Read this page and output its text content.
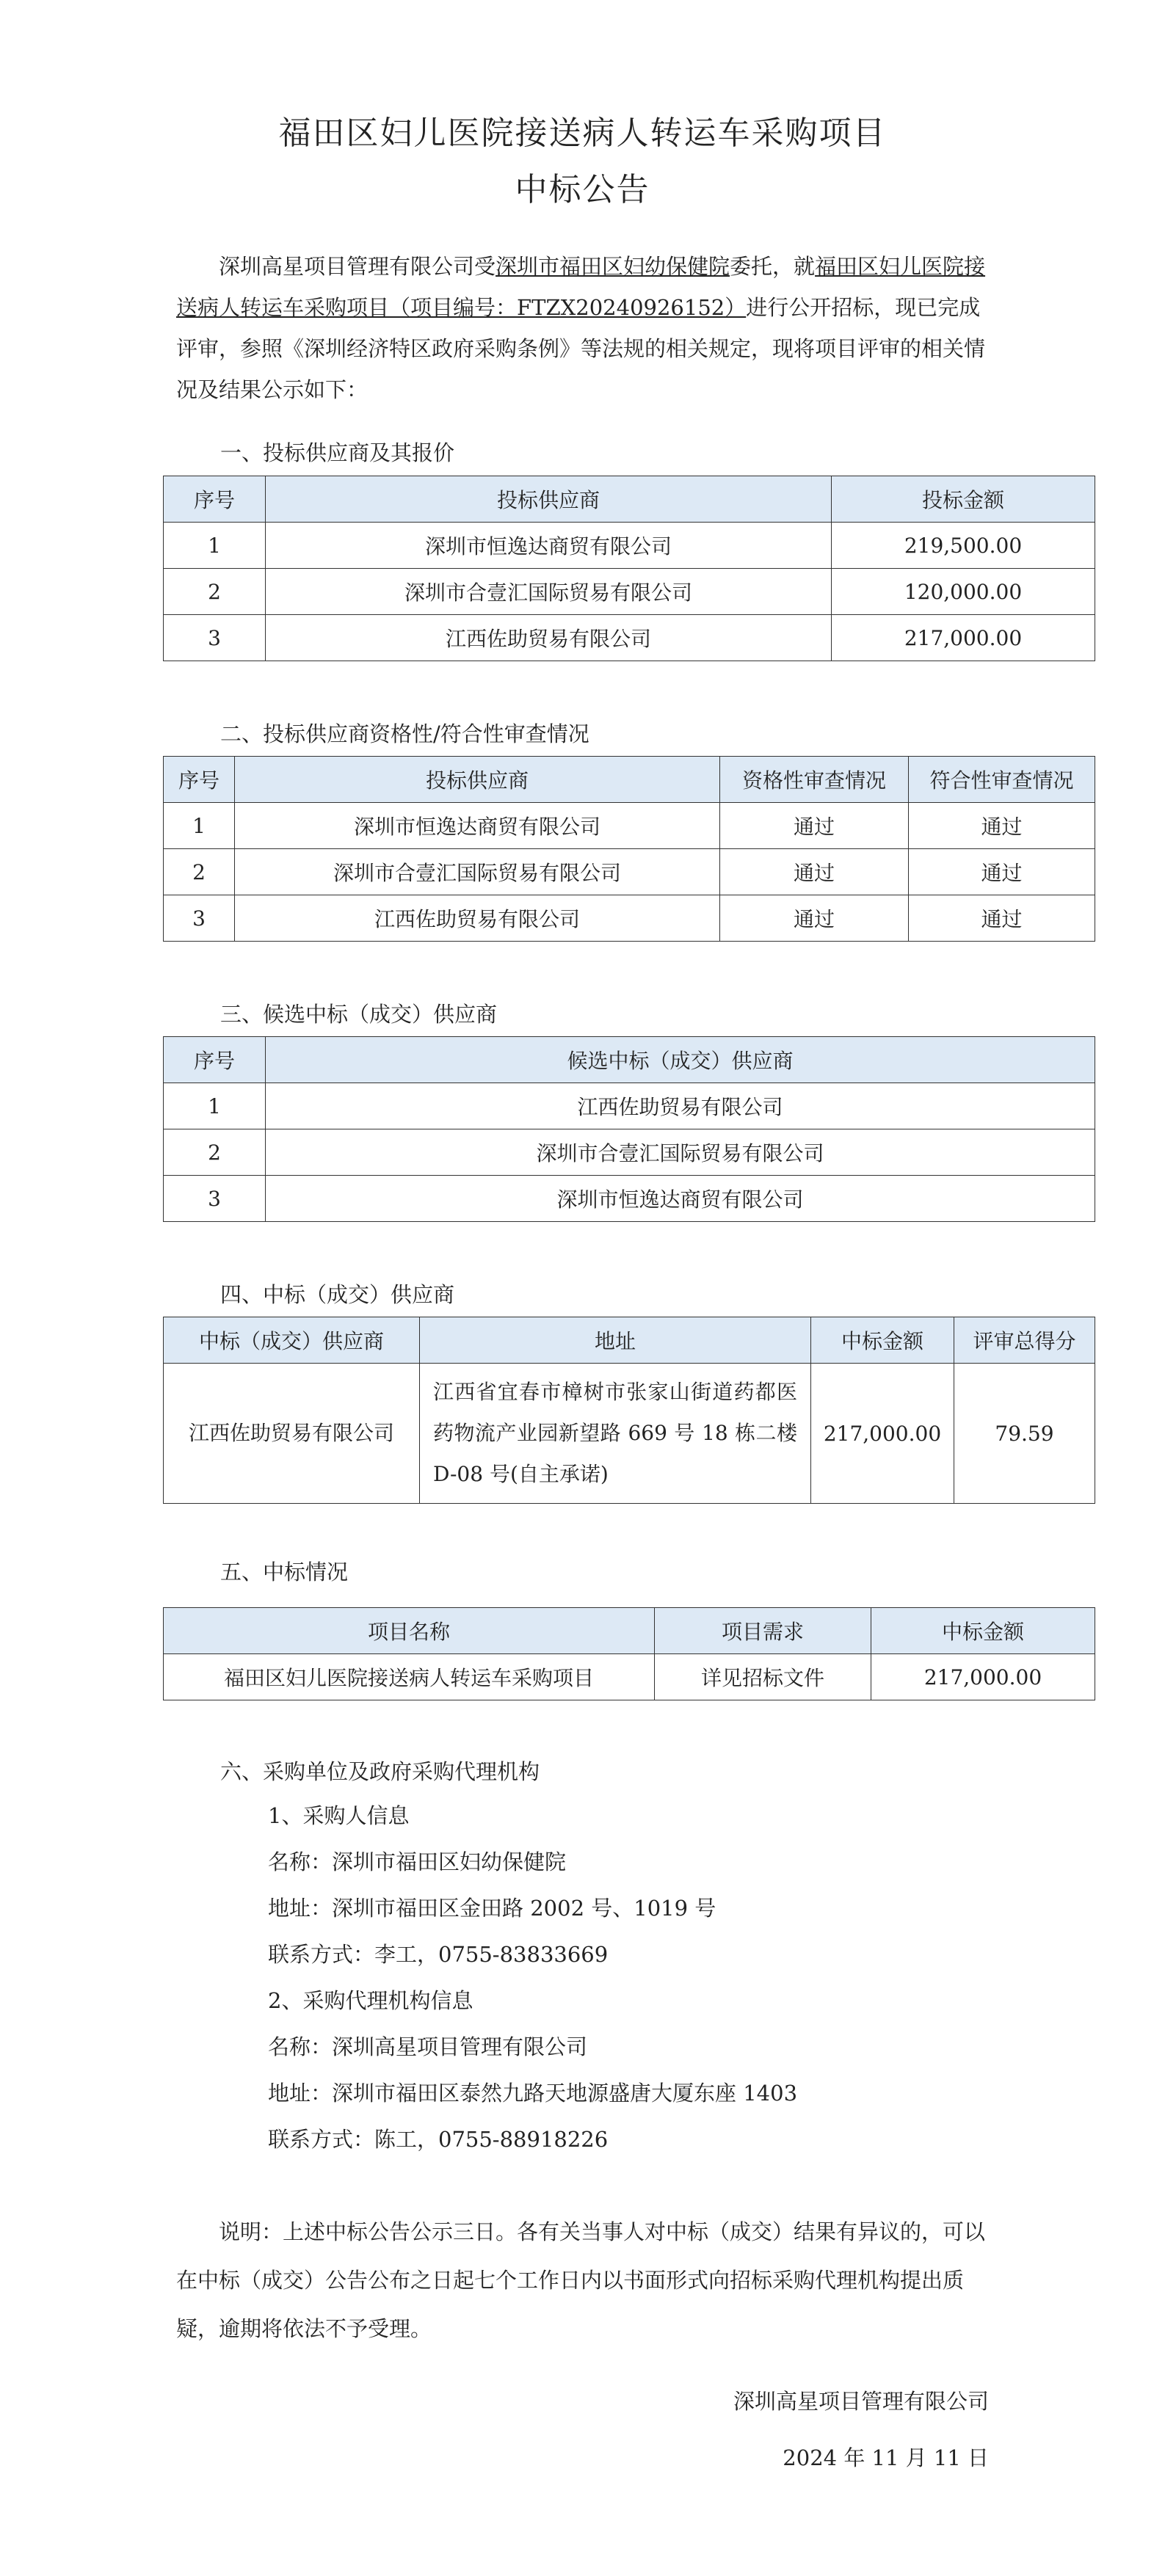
福田区妇儿医院接送病人转运车采购项目
中标公告

深圳高星项目管理有限公司受深圳市福田区妇幼保健院委托，就福田区妇儿医院接送病人转运车采购项目（项目编号：FTZX20240926152）进行公开招标，现已完成评审，参照《深圳经济特区政府采购条例》等法规的相关规定，现将项目评审的相关情况及结果公示如下：

一、投标供应商及其报价

序号	投标供应商	投标金额
1	深圳市恒逸达商贸有限公司	219,500.00
2	深圳市合壹汇国际贸易有限公司	120,000.00
3	江西佐助贸易有限公司	217,000.00

二、投标供应商资格性/符合性审查情况

序号	投标供应商	资格性审查情况	符合性审查情况
1	深圳市恒逸达商贸有限公司	通过	通过
2	深圳市合壹汇国际贸易有限公司	通过	通过
3	江西佐助贸易有限公司	通过	通过

三、候选中标（成交）供应商

序号	候选中标（成交）供应商
1	江西佐助贸易有限公司
2	深圳市合壹汇国际贸易有限公司
3	深圳市恒逸达商贸有限公司

四、中标（成交）供应商

中标（成交）供应商	地址	中标金额	评审总得分
江西佐助贸易有限公司	江西省宜春市樟树市张家山街道药都医药物流产业园新望路 669 号 18 栋二楼 D-08 号(自主承诺)	217,000.00	79.59

五、中标情况

项目名称	项目需求	中标金额
福田区妇儿医院接送病人转运车采购项目	详见招标文件	217,000.00

六、采购单位及政府采购代理机构

1、采购人信息

名称：深圳市福田区妇幼保健院

地址：深圳市福田区金田路 2002 号、1019 号

联系方式：李工，0755-83833669

2、采购代理机构信息

名称：深圳高星项目管理有限公司

地址：深圳市福田区泰然九路天地源盛唐大厦东座 1403

联系方式：陈工，0755-88918226

说明：上述中标公告公示三日。各有关当事人对中标（成交）结果有异议的，可以在中标（成交）公告公布之日起七个工作日内以书面形式向招标采购代理机构提出质疑，逾期将依法不予受理。

深圳高星项目管理有限公司

2024 年 11 月 11 日
